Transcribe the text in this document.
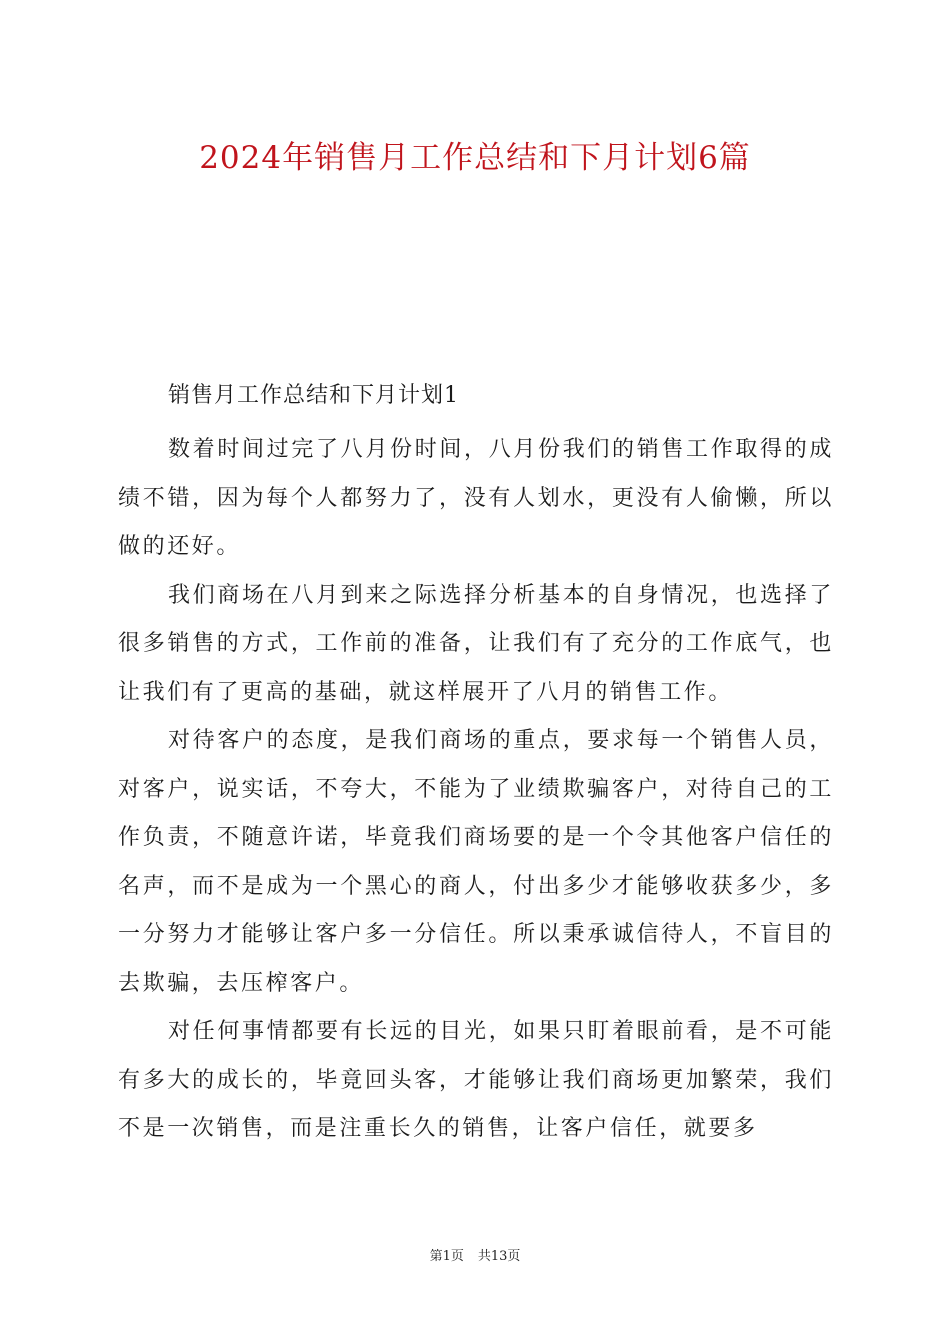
2024年销售月工作总结和下月计划6篇
销售月工作总结和下月计划1

数着时间过完了八月份时间，八月份我们的销售工作取得的成绩不错，因为每个人都努力了，没有人划水，更没有人偷懒，所以做的还好。

我们商场在八月到来之际选择分析基本的自身情况，也选择了很多销售的方式，工作前的准备，让我们有了充分的工作底气，也让我们有了更高的基础，就这样展开了八月的销售工作。

对待客户的态度，是我们商场的重点，要求每一个销售人员，对客户，说实话，不夸大，不能为了业绩欺骗客户，对待自己的工作负责，不随意许诺，毕竟我们商场要的是一个令其他客户信任的名声，而不是成为一个黑心的商人，付出多少才能够收获多少，多一分努力才能够让客户多一分信任。所以秉承诚信待人，不盲目的去欺骗，去压榨客户。

对任何事情都要有长远的目光，如果只盯着眼前看，是不可能有多大的成长的，毕竟回头客，才能够让我们商场更加繁荣，我们不是一次销售，而是注重长久的销售，让客户信任，就要多

第1页 共13页
